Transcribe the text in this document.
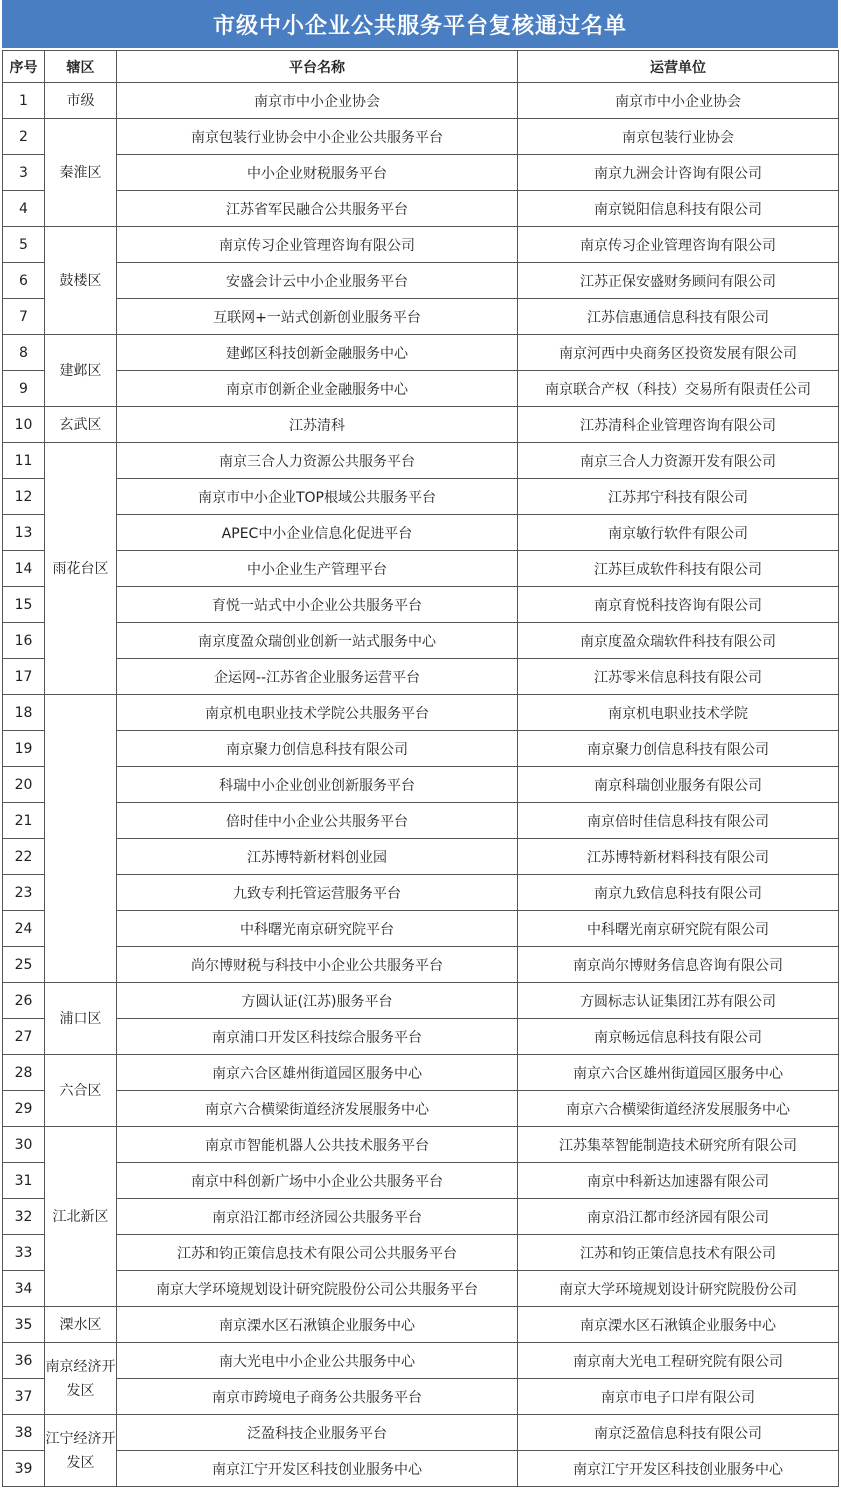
市级中小企业公共服务平台复核通过名单
序号	辖区	平台名称	运营单位
1	市级	南京市中小企业协会	南京市中小企业协会
2	秦淮区	南京包装行业协会中小企业公共服务平台	南京包装行业协会
3		中小企业财税服务平台	南京九洲会计咨询有限公司
4		江苏省军民融合公共服务平台	南京锐阳信息科技有限公司
5	鼓楼区	南京传习企业管理咨询有限公司	南京传习企业管理咨询有限公司
6		安盛会计云中小企业服务平台	江苏正保安盛财务顾问有限公司
7		互联网+一站式创新创业服务平台	江苏信惠通信息科技有限公司
8	建邺区	建邺区科技创新金融服务中心	南京河西中央商务区投资发展有限公司
9		南京市创新企业金融服务中心	南京联合产权（科技）交易所有限责任公司
10	玄武区	江苏清科	江苏清科企业管理咨询有限公司
11	雨花台区	南京三合人力资源公共服务平台	南京三合人力资源开发有限公司
12		南京市中小企业TOP根域公共服务平台	江苏邦宁科技有限公司
13		APEC中小企业信息化促进平台	南京敏行软件有限公司
14		中小企业生产管理平台	江苏巨成软件科技有限公司
15		育悦一站式中小企业公共服务平台	南京育悦科技咨询有限公司
16		南京度盈众瑞创业创新一站式服务中心	南京度盈众瑞软件科技有限公司
17		企运网--江苏省企业服务运营平台	江苏零米信息科技有限公司
18		南京机电职业技术学院公共服务平台	南京机电职业技术学院
19		南京聚力创信息科技有限公司	南京聚力创信息科技有限公司
20		科瑞中小企业创业创新服务平台	南京科瑞创业服务有限公司
21		倍时佳中小企业公共服务平台	南京倍时佳信息科技有限公司
22		江苏博特新材料创业园	江苏博特新材料科技有限公司
23		九致专利托管运营服务平台	南京九致信息科技有限公司
24		中科曙光南京研究院平台	中科曙光南京研究院有限公司
25		尚尔博财税与科技中小企业公共服务平台	南京尚尔博财务信息咨询有限公司
26	浦口区	方圆认证(江苏)服务平台	方圆标志认证集团江苏有限公司
27		南京浦口开发区科技综合服务平台	南京畅远信息科技有限公司
28	六合区	南京六合区雄州街道园区服务中心	南京六合区雄州街道园区服务中心
29		南京六合横梁街道经济发展服务中心	南京六合横梁街道经济发展服务中心
30	江北新区	南京市智能机器人公共技术服务平台	江苏集萃智能制造技术研究所有限公司
31		南京中科创新广场中小企业公共服务平台	南京中科新达加速器有限公司
32		南京沿江都市经济园公共服务平台	南京沿江都市经济园有限公司
33		江苏和钧正策信息技术有限公司公共服务平台	江苏和钧正策信息技术有限公司
34		南京大学环境规划设计研究院股份公司公共服务平台	南京大学环境规划设计研究院股份公司
35	溧水区	南京溧水区石湫镇企业服务中心	南京溧水区石湫镇企业服务中心
36	南京经济开发区	南大光电中小企业公共服务中心	南京南大光电工程研究院有限公司
37		南京市跨境电子商务公共服务平台	南京市电子口岸有限公司
38	江宁经济开发区	泛盈科技企业服务平台	南京泛盈信息科技有限公司
39		南京江宁开发区科技创业服务中心	南京江宁开发区科技创业服务中心
